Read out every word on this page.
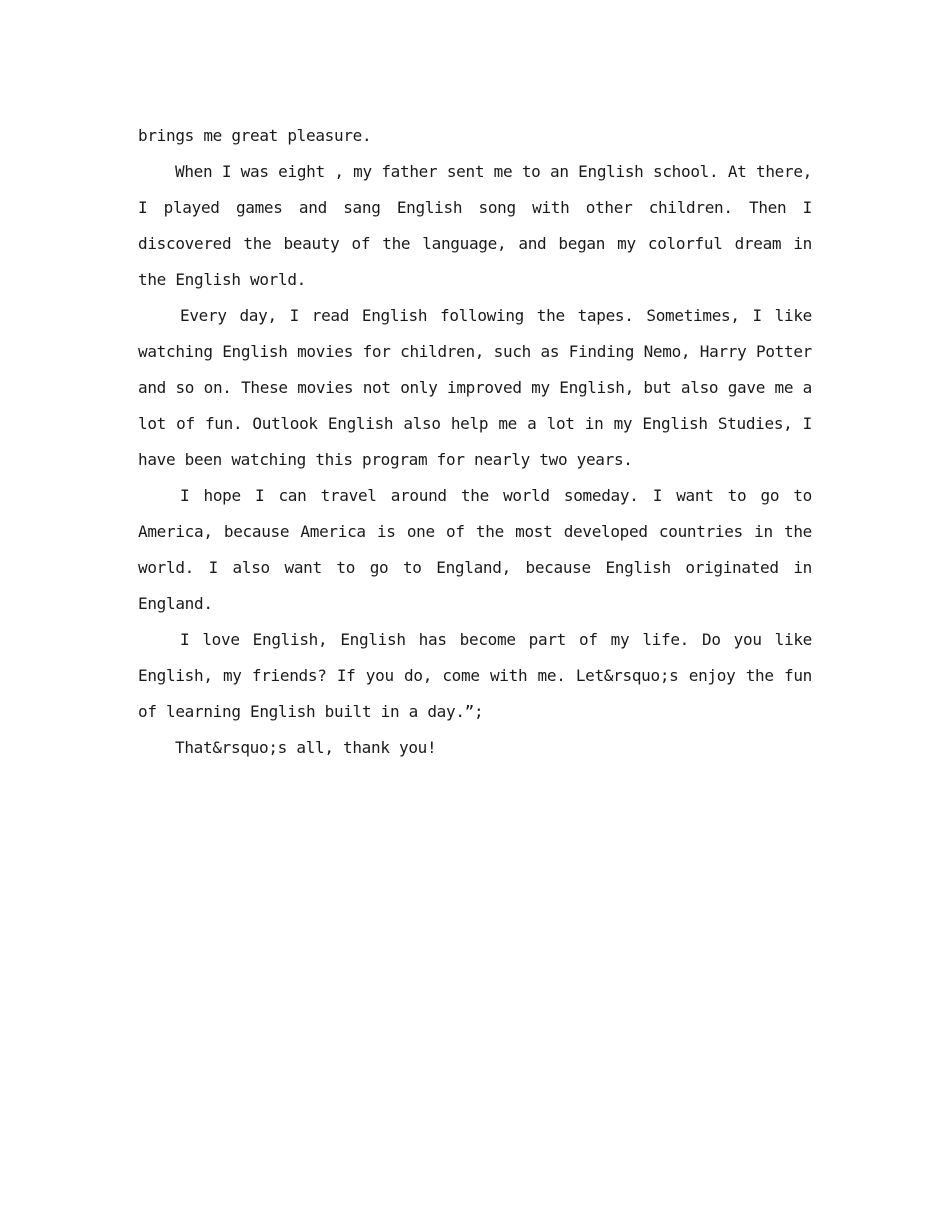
brings me great pleasure.

When I was eight , my father sent me to an English school. At there, I played games and sang English song with other children. Then I discovered the beauty of the language, and began my colorful dream in the English world.

Every day, I read English following the tapes. Sometimes, I like watching English movies for children, such as Finding Nemo, Harry Potter and so on. These movies not only improved my English, but also gave me a lot of fun. Outlook English also help me a lot in my English Studies, I have been watching this program for nearly two years.

I hope I can travel around the world someday. I want to go to America, because America is one of the most developed countries in the world. I also want to go to England, because English originated in England.

I love English, English has become part of my life. Do you like English, my friends? If you do, come with me. Let&rsquo;s enjoy the fun of learning English built in a day.”;

That&rsquo;s all, thank you!
